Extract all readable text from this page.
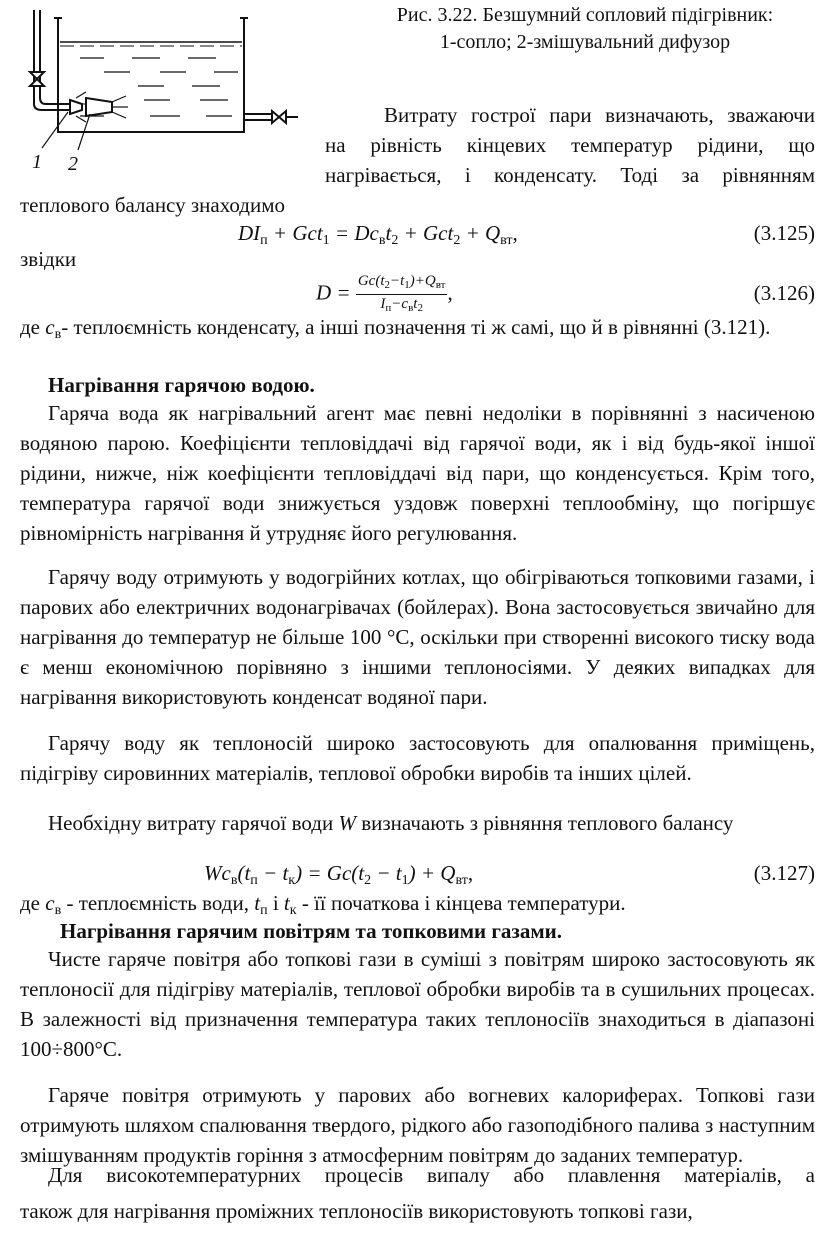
1 2
Рис. 3.22. Безшумний сопловий підігрівник:
1-сопло; 2-змішувальний дифузор
Витрату гострої пари визначають, зважаючи
на рівність кінцевих температур рідини, що
нагрівається, і конденсату. Тоді за рівнянням
теплового балансу знаходимо
$DI_п + Gct_1 = Dc_вt_2 + Gct_2 + Q_{вт}$,	(3.125)
звідки
$D = \frac{Gc(t_2-t_1)+Q_{вт}}{I_п-c_вt_2}$ ,	(3.126)
де $c_в-$ теплоємність конденсату, а інші позначення ті ж самі, що й в рівнянні (3.121).
Нагрівання гарячою водою.
Гаряча вода як нагрівальний агент має певні недоліки в порівнянні з насиченою водяною парою. Коефіцієнти тепловіддачі від гарячої води, як і від будь-якої іншої рідини, нижче, ніж коефіцієнти тепловіддачі від пари, що конденсується. Крім того, температура гарячої води знижується уздовж поверхні теплообміну, що погіршує рівномірність нагрівання й утрудняє його регулювання.
Гарячу воду отримують у водогрійних котлах, що обігріваються топковими газами, і парових або електричних водонагрівачах (бойлерах). Вона застосовується звичайно для нагрівання до температур не більше 100 °С, оскільки при створенні високого тиску вода є менш економічною порівняно з іншими теплоносіями. У деяких випадках для нагрівання використовують конденсат водяної пари.
Гарячу воду як теплоносій широко застосовують для опалювання приміщень, підігріву сировинних матеріалів, теплової обробки виробів та інших цілей.
Необхідну витрату гарячої води W визначають з рівняння теплового балансу
$Wc_в(t_п - t_к) = Gc(t_2 - t_1) + Q_{вт}$,	(3.127)
де $c_в$ - теплоємність води, $t_п$ і $t_к$ - її початкова і кінцева температури.
Нагрівання гарячим повітрям та топковими газами.
Чисте гаряче повітря або топкові гази в суміші з повітрям широко застосовують як теплоносії для підігріву матеріалів, теплової обробки виробів та в сушильних процесах. В залежності від призначення температура таких теплоносіїв знаходиться в діапазоні 100÷800°С.
Гаряче повітря отримують у парових або вогневих калориферах. Топкові гази отримують шляхом спалювання твердого, рідкого або газоподібного палива з наступним змішуванням продуктів горіння з атмосферним повітрям до заданих температур.
Для високотемпературних процесів випалу або плавлення матеріалів, а
також для нагрівання проміжних теплоносіїв використовують топкові гази,
